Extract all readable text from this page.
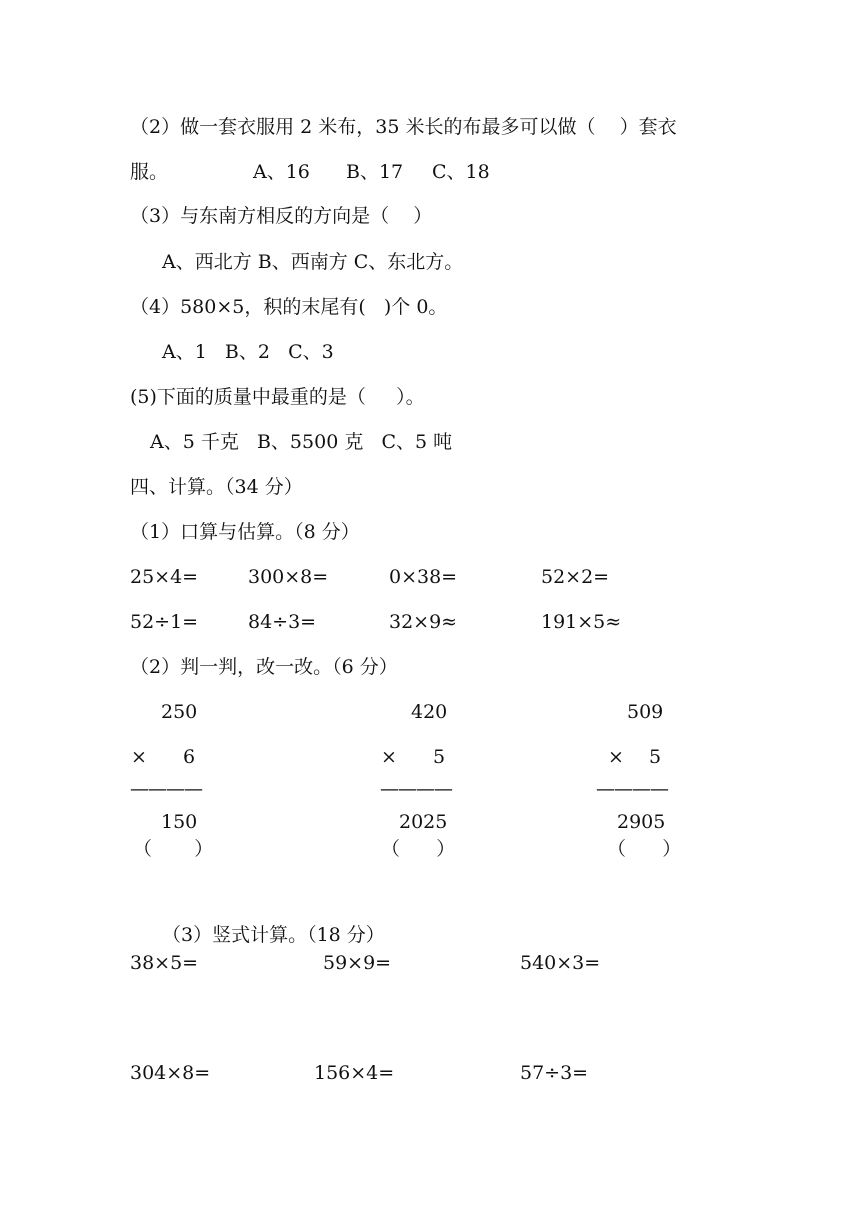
（2）做一套衣服用 2 米布，35 米长的布最多可以做（    ）套衣
服。	A、16 B、17 C、18
（3）与东南方相反的方向是（    ）
A、西北方 B、西南方 C、东北方。
（4）580×5，积的末尾有(   )个 0。
A、1   B、2   C、3
(5)下面的质量中最重的是（     ）。
A、5 千克   B、5500 克   C、5 吨
四、计算。（34 分）
（1）口算与估算。（8 分）
25×4=	300×8=	0×38=	52×2=
52÷1=	84÷3=	32×9≈	191×5≈
（2）判一判，改一改。（6 分）
250
× 6
————
150
（       ）
420
× 5
————
2025
（      ）
509
× 5
————
2905
（      ）
（3）竖式计算。（18 分）
38×5=	59×9=	540×3=
304×8=	156×4=	57÷3=
